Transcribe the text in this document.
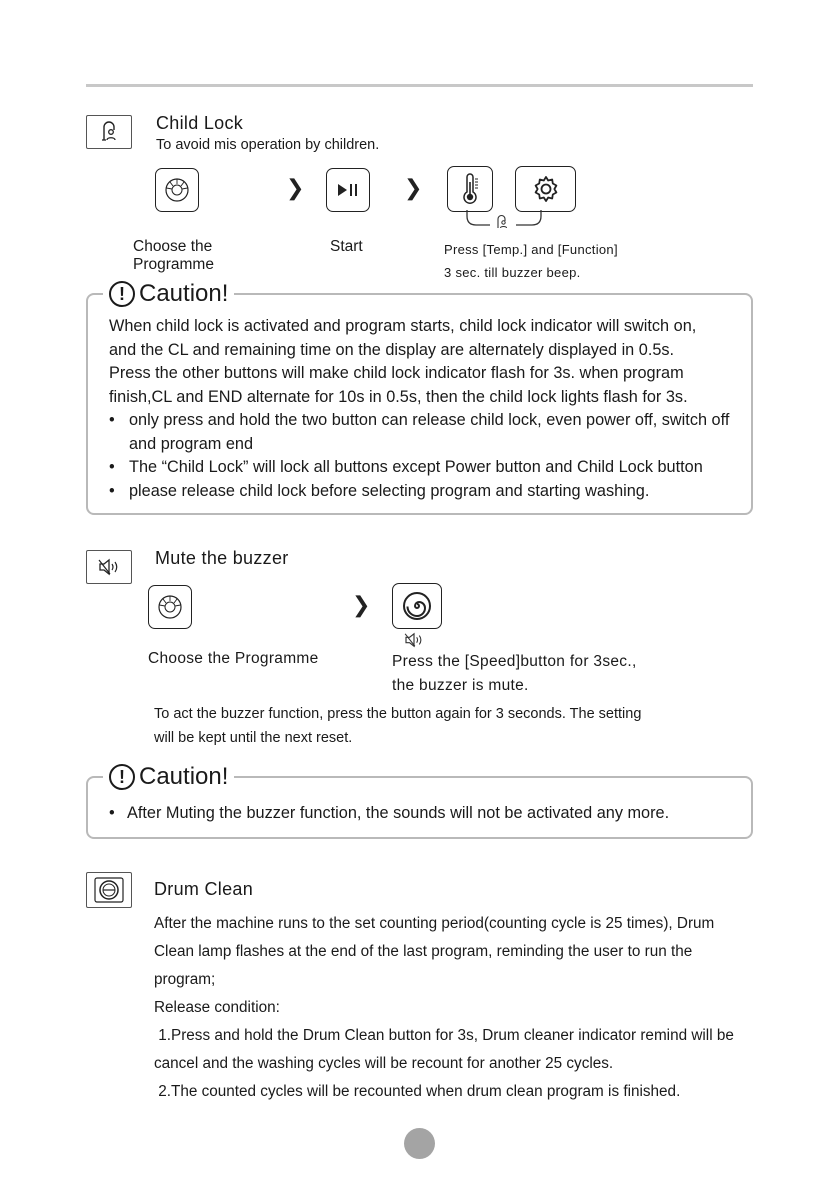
Child Lock
To avoid mis operation by children.
❯	❯
Choose the Programme
Start	Press [Temp.] and [Function]
3 sec. till buzzer beep.
! Caution!

When child lock is activated and program starts, child lock indicator will switch on,

and the CL and remaining time on the display are alternately displayed in 0.5s.

Press the other buttons will make child lock indicator flash for 3s. when program

finish,CL and END alternate for 10s in 0.5s, then the child lock lights flash for 3s.

• only press and hold the two button can release child lock, even power off, switch off and program end
• The “Child Lock” will lock all buttons except Power button and Child Lock button
• please release child lock before selecting program and starting washing.
Mute the buzzer
❯
Choose the Programme	Press the [Speed]button for 3sec.,
the buzzer is mute.
To act the buzzer function, press the button again for 3 seconds. The setting
will be kept until the next reset.
! Caution!
• After Muting the buzzer function, the sounds will not be activated any more.
Drum Clean

After the machine runs to the set counting period(counting cycle is 25 times), Drum

Clean lamp flashes at the end of the last program, reminding the user to run the

program;

Release condition:

1.Press and hold the Drum Clean button for 3s, Drum cleaner indicator remind will be

cancel and the washing cycles will be recount for another 25 cycles.

2.The counted cycles will be recounted when drum clean program is finished.
